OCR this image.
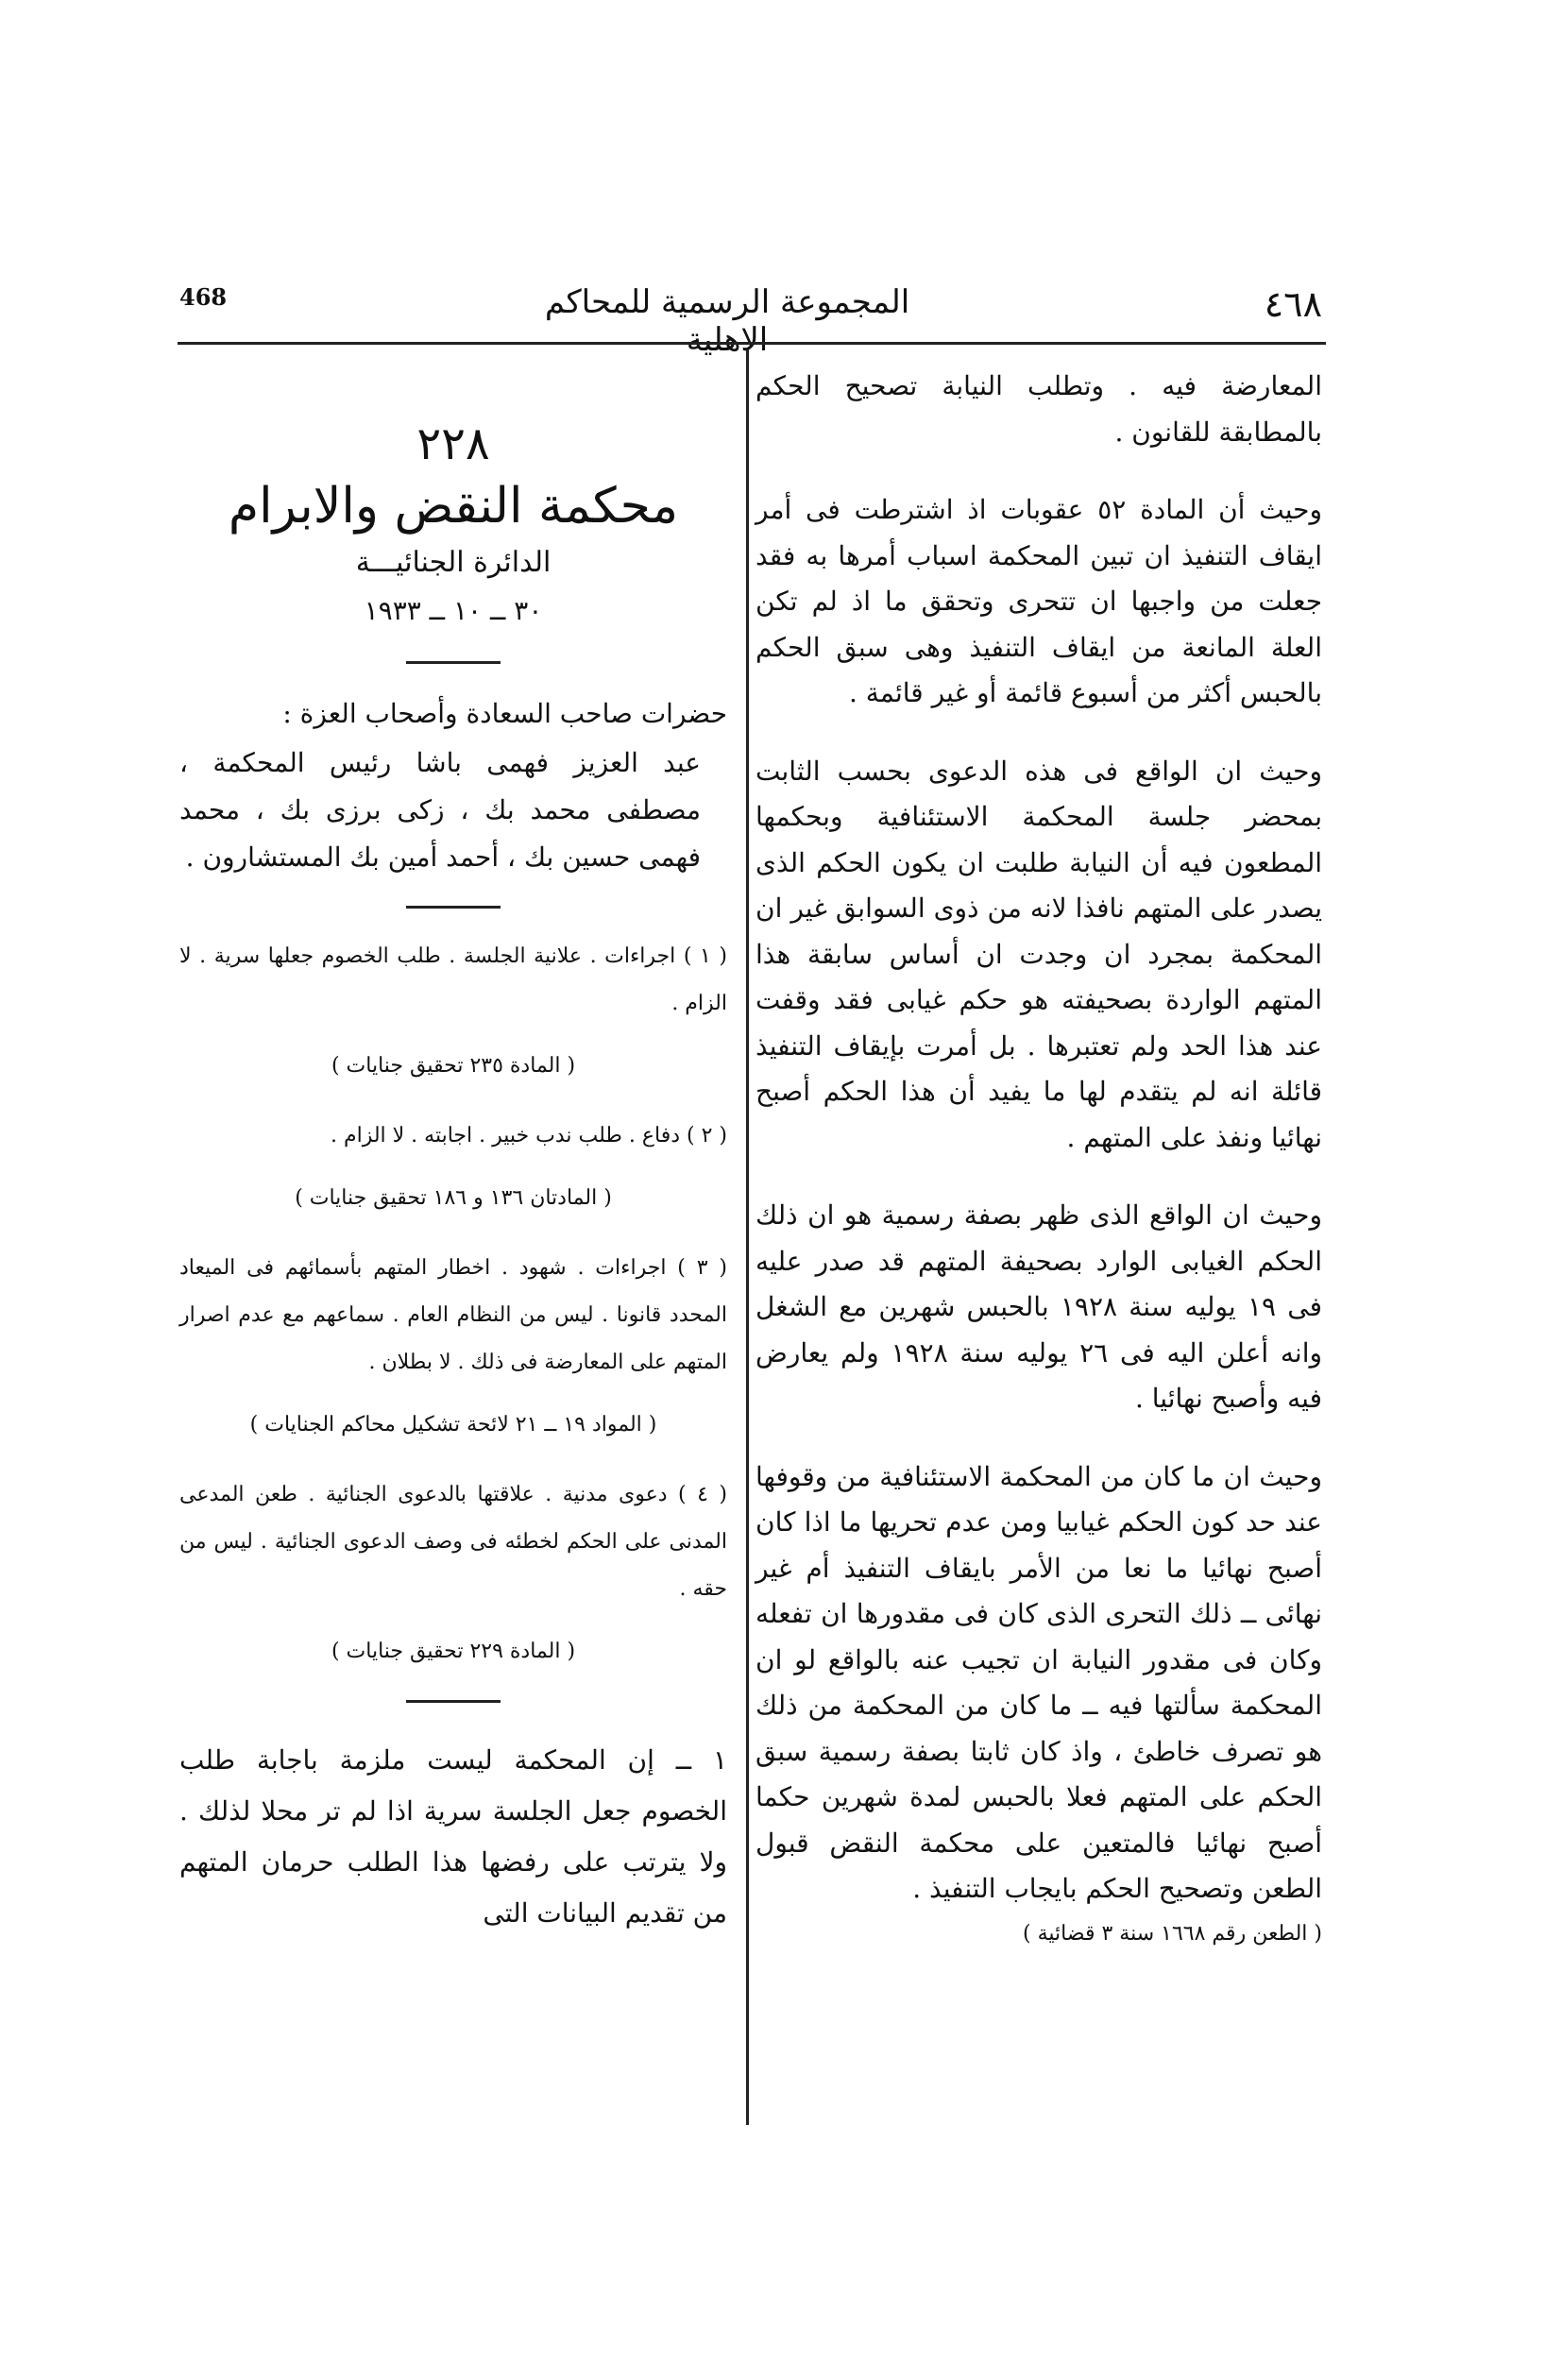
468	المجموعة الرسمية للمحاكم الاهلية
٤٦٨

المعارضة فيه . وتطلب النيابة تصحيح الحكم بالمطابقة للقانون .

وحيث أن المادة ٥٢ عقوبات اذ اشترطت فى أمر ايقاف التنفيذ ان تبين المحكمة اسباب أمرها به فقد جعلت من واجبها ان تتحرى وتحقق ما اذ لم تكن العلة المانعة من ايقاف التنفيذ وهى سبق الحكم بالحبس أكثر من أسبوع قائمة أو غير قائمة .

وحيث ان الواقع فى هذه الدعوى بحسب الثابت بمحضر جلسة المحكمة الاستئنافية وبحكمها المطعون فيه أن النيابة طلبت ان يكون الحكم الذى يصدر على المتهم نافذا لانه من ذوى السوابق غير ان المحكمة بمجرد ان وجدت ان أساس سابقة هذا المتهم الواردة بصحيفته هو حكم غيابى فقد وقفت عند هذا الحد ولم تعتبرها . بل أمرت بإيقاف التنفيذ قائلة انه لم يتقدم لها ما يفيد أن هذا الحكم أصبح نهائيا ونفذ على المتهم .

وحيث ان الواقع الذى ظهر بصفة رسمية هو ان ذلك الحكم الغيابى الوارد بصحيفة المتهم قد صدر عليه فى ١٩ يوليه سنة ١٩٢٨ بالحبس شهرين مع الشغل وانه أعلن اليه فى ٢٦ يوليه سنة ١٩٢٨ ولم يعارض فيه وأصبح نهائيا .

وحيث ان ما كان من المحكمة الاستئنافية من وقوفها عند حد كون الحكم غيابيا ومن عدم تحريها ما اذا كان أصبح نهائيا ما نعا من الأمر بايقاف التنفيذ أم غير نهائى ــ ذلك التحرى الذى كان فى مقدورها ان تفعله وكان فى مقدور النيابة ان تجيب عنه بالواقع لو ان المحكمة سألتها فيه ــ ما كان من المحكمة من ذلك هو تصرف خاطئ ، واذ كان ثابتا بصفة رسمية سبق الحكم على المتهم فعلا بالحبس لمدة شهرين حكما أصبح نهائيا فالمتعين على محكمة النقض قبول الطعن وتصحيح الحكم بايجاب التنفيذ .

( الطعن رقم ١٦٦٨ سنة ٣ قضائية )

٢٢٨
محكمة النقض والابرام
الدائرة الجنائيـــة
٣٠ ــ ١٠ ــ ١٩٣٣

حضرات صاحب السعادة وأصحاب العزة :

عبد العزيز فهمى باشا رئيس المحكمة ، مصطفى محمد بك ، زكى برزى بك ، محمد فهمى حسين بك ، أحمد أمين بك المستشارون .

( ١ ) اجراءات . علانية الجلسة . طلب الخصوم جعلها سرية . لا الزام .

( المادة ٢٣٥ تحقيق جنايات )

( ٢ ) دفاع . طلب ندب خبير . اجابته . لا الزام .

( المادتان ١٣٦ و ١٨٦ تحقيق جنايات )

( ٣ ) اجراءات . شهود . اخطار المتهم بأسمائهم فى الميعاد المحدد قانونا . ليس من النظام العام . سماعهم مع عدم اصرار المتهم على المعارضة فى ذلك . لا بطلان .

( المواد ١٩ ــ ٢١ لائحة تشكيل محاكم الجنايات )

( ٤ ) دعوى مدنية . علاقتها بالدعوى الجنائية . طعن المدعى المدنى على الحكم لخطئه فى وصف الدعوى الجنائية . ليس من حقه .

( المادة ٢٢٩ تحقيق جنايات )

١ ــ إن المحكمة ليست ملزمة باجابة طلب الخصوم جعل الجلسة سرية اذا لم تر محلا لذلك . ولا يترتب على رفضها هذا الطلب حرمان المتهم من تقديم البيانات التى
